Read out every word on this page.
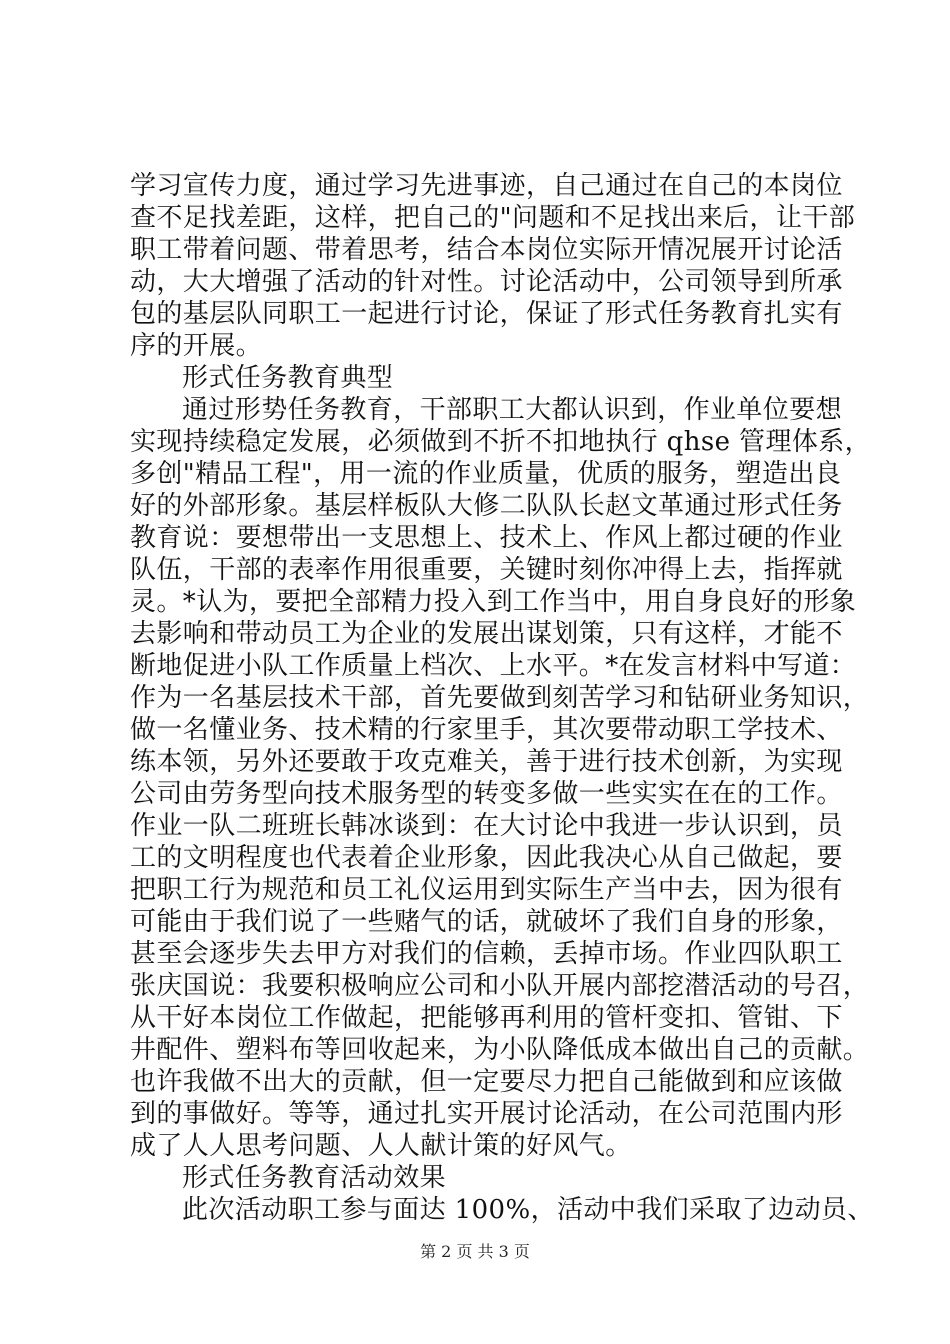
学习宣传力度，通过学习先进事迹，自己通过在自己的本岗位
查不足找差距，这样，把自己的"问题和不足找出来后，让干部
职工带着问题、带着思考，结合本岗位实际开情况展开讨论活
动，大大增强了活动的针对性。讨论活动中，公司领导到所承
包的基层队同职工一起进行讨论，保证了形式任务教育扎实有
序的开展。
形式任务教育典型
通过形势任务教育，干部职工大都认识到，作业单位要想
实现持续稳定发展，必须做到不折不扣地执行 qhse 管理体系，
多创"精品工程"，用一流的作业质量，优质的服务，塑造出良
好的外部形象。基层样板队大修二队队长赵文革通过形式任务
教育说：要想带出一支思想上、技术上、作风上都过硬的作业
队伍，干部的表率作用很重要，关键时刻你冲得上去，指挥就
灵。*认为，要把全部精力投入到工作当中，用自身良好的形象
去影响和带动员工为企业的发展出谋划策，只有这样，才能不
断地促进小队工作质量上档次、上水平。*在发言材料中写道：
作为一名基层技术干部，首先要做到刻苦学习和钻研业务知识，
做一名懂业务、技术精的行家里手，其次要带动职工学技术、
练本领，另外还要敢于攻克难关，善于进行技术创新，为实现
公司由劳务型向技术服务型的转变多做一些实实在在的工作。
作业一队二班班长韩冰谈到：在大讨论中我进一步认识到，员
工的文明程度也代表着企业形象，因此我决心从自己做起，要
把职工行为规范和员工礼仪运用到实际生产当中去，因为很有
可能由于我们说了一些赌气的话，就破坏了我们自身的形象，
甚至会逐步失去甲方对我们的信赖，丢掉市场。作业四队职工
张庆国说：我要积极响应公司和小队开展内部挖潜活动的号召，
从干好本岗位工作做起，把能够再利用的管杆变扣、管钳、下
井配件、塑料布等回收起来，为小队降低成本做出自己的贡献。
也许我做不出大的贡献，但一定要尽力把自己能做到和应该做
到的事做好。等等，通过扎实开展讨论活动，在公司范围内形
成了人人思考问题、人人献计策的好风气。
形式任务教育活动效果
此次活动职工参与面达 100%，活动中我们采取了边动员、
第 2 页 共 3 页
